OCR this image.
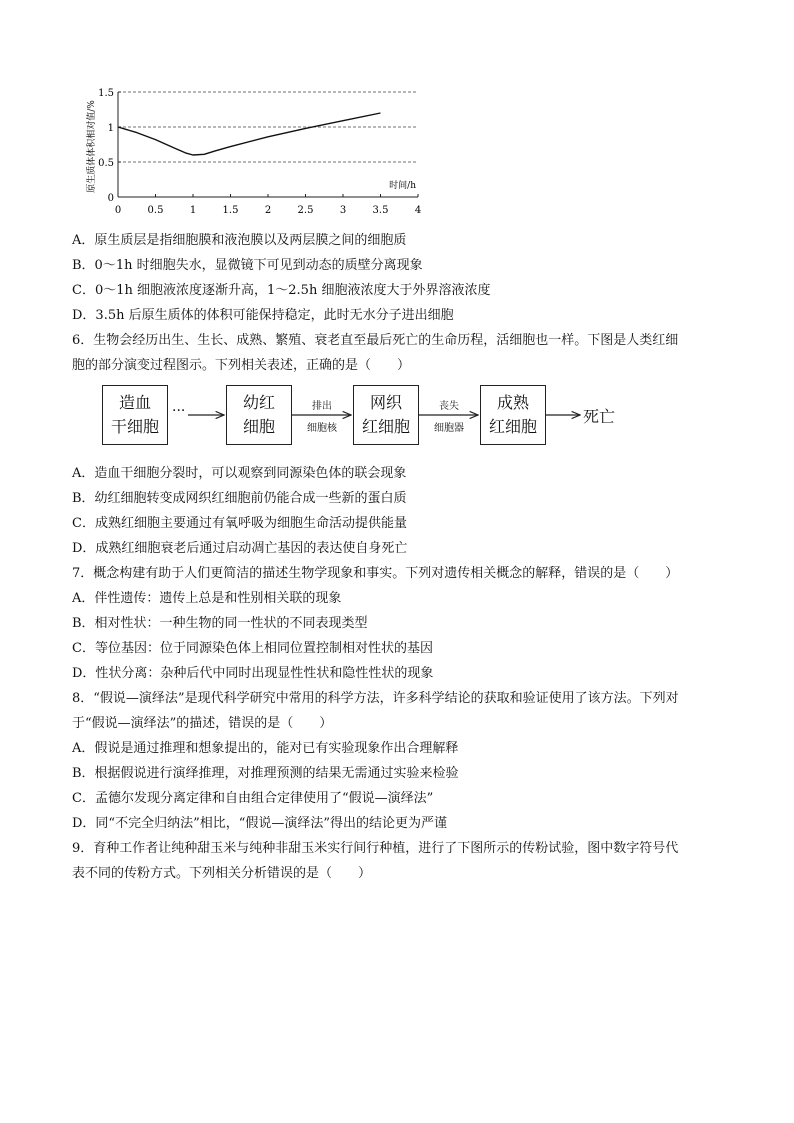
0	0.5	1	1.5	2	2.5	3	3.5	4
0
0.5
1
1.5
时间/h
原生质体体积相对值/%
A．原生质层是指细胞膜和液泡膜以及两层膜之间的细胞质
B．0～1h 时细胞失水，显微镜下可见到动态的质壁分离现象
C．0～1h 细胞液浓度逐渐升高，1～2.5h 细胞液浓度大于外界溶液浓度
D．3.5h 后原生质体的体积可能保持稳定，此时无水分子进出细胞
6．生物会经历出生、生长、成熟、繁殖、衰老直至最后死亡的生命历程，活细胞也一样。下图是人类红细
胞的部分演变过程图示。下列相关表述，正确的是（　　）
造血
干细胞
幼红
细胞
网织
红细胞
成熟
红细胞
···	排出
细胞核
丧失
细胞器
死亡
A．造血干细胞分裂时，可以观察到同源染色体的联会现象
B．幼红细胞转变成网织红细胞前仍能合成一些新的蛋白质
C．成熟红细胞主要通过有氧呼吸为细胞生命活动提供能量
D．成熟红细胞衰老后通过启动凋亡基因的表达使自身死亡
7．概念构建有助于人们更简洁的描述生物学现象和事实。下列对遗传相关概念的解释，错误的是（　　）
A．伴性遗传：遗传上总是和性别相关联的现象
B．相对性状：一种生物的同一性状的不同表现类型
C．等位基因：位于同源染色体上相同位置控制相对性状的基因
D．性状分离：杂种后代中同时出现显性性状和隐性性状的现象
8．“假说—演绎法”是现代科学研究中常用的科学方法，许多科学结论的获取和验证使用了该方法。下列对
于“假说—演绎法”的描述，错误的是（　　）
A．假说是通过推理和想象提出的，能对已有实验现象作出合理解释
B．根据假说进行演绎推理，对推理预测的结果无需通过实验来检验
C．孟德尔发现分离定律和自由组合定律使用了“假说—演绎法”
D．同“不完全归纳法”相比，“假说—演绎法”得出的结论更为严谨
9．育种工作者让纯种甜玉米与纯种非甜玉米实行间行种植，进行了下图所示的传粉试验，图中数字符号代
表不同的传粉方式。下列相关分析错误的是（　　）
